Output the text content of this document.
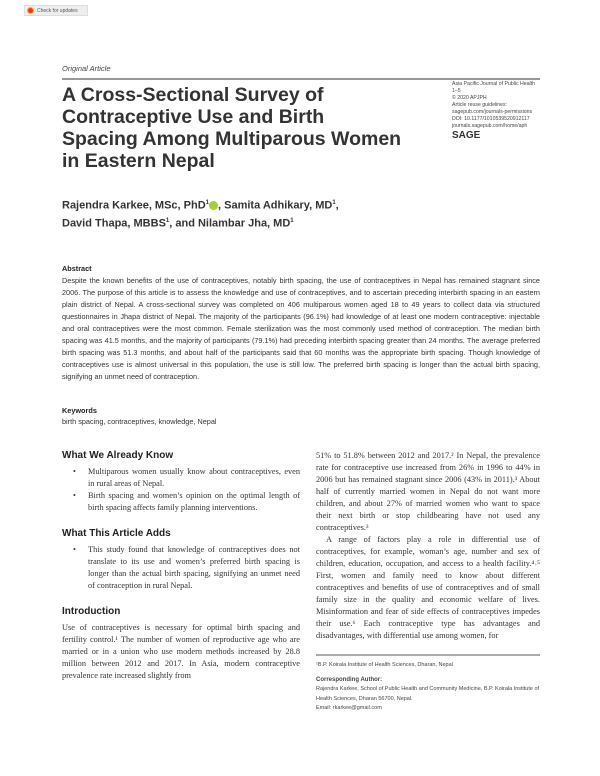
Check for updates
Original Article
A Cross-Sectional Survey of Contraceptive Use and Birth Spacing Among Multiparous Women in Eastern Nepal
Asia Pacific Journal of Public Health
1–5
© 2020 APJPH
Article reuse guidelines:
sagepub.com/journals-permissions
DOI: 10.1177/1010539520912117
journals.sagepub.com/home/aph
SAGE
Rajendra Karkee, MSc, PhD$^1$ , Samita Adhikary, $MD^1$,
David Thapa, MBBS$^1$, and Nilambar Jha, $MD^1$
Abstract
Despite the known benefits of the use of contraceptives, notably birth spacing, the use of contraceptives in Nepal has remained stagnant since 2006. The purpose of this article is to assess the knowledge and use of contraceptives, and to ascertain preceding interbirth spacing in an eastern plain district of Nepal. A cross-sectional survey was completed on 406 multiparous women aged 18 to 49 years to collect data via structured questionnaires in Jhapa district of Nepal. The majority of the participants (96.1%) had knowledge of at least one modern contraceptive: injectable and oral contraceptives were the most common. Female sterilization was the most commonly used method of contraception. The median birth spacing was 41.5 months, and the majority of participants (79.1%) had preceding interbirth spacing greater than 24 months. The average preferred birth spacing was 51.3 months, and about half of the participants said that 60 months was the appropriate birth spacing. Though knowledge of contraceptives use is almost universal in this population, the use is still low. The preferred birth spacing is longer than the actual birth spacing, signifying an unmet need of contraception.
Keywords
birth spacing, contraceptives, knowledge, Nepal
What We Already Know
• Multiparous women usually know about contraceptives, even in rural areas of Nepal.
• Birth spacing and women’s opinion on the optimal length of birth spacing affects family planning interventions.
What This Article Adds
• This study found that knowledge of contraceptives does not translate to its use and women’s preferred birth spacing is longer than the actual birth spacing, signifying an unmet need of contraception in rural Nepal.
Introduction
Use of contraceptives is necessary for optimal birth spacing and fertility control.¹ The number of women of reproductive age who are married or in a union who use modern methods increased by 28.8 million between 2012 and 2017. In Asia, modern contraceptive prevalence rate increased slightly from
51% to 51.8% between 2012 and 2017.² In Nepal, the prevalence rate for contraceptive use increased from 26% in 1996 to 44% in 2006 but has remained stagnant since 2006 (43% in 2011).³ About half of currently married women in Nepal do not want more children, and about 27% of married women who want to space their next birth or stop childbearing have not used any contraceptives.³
A range of factors play a role in differential use of contraceptives, for example, woman’s age, number and sex of children, education, occupation, and access to a health facility.⁴˒⁵ First, women and family need to know about different contraceptives and benefits of use of contraceptives and of small family size in the quality and economic welfare of lives. Misinformation and fear of side effects of contraceptives impedes their use.⁶ Each contraceptive type has advantages and disadvantages, with differential use among women, for
¹B.P. Koirala Institute of Health Sciences, Dharan, Nepal
Corresponding Author:
Rajendra Karkee, School of Public Health and Community Medicine, B.P. Koirala Institute of Health Sciences, Dharan 56700, Nepal.
Email: rkarkee@gmail.com
